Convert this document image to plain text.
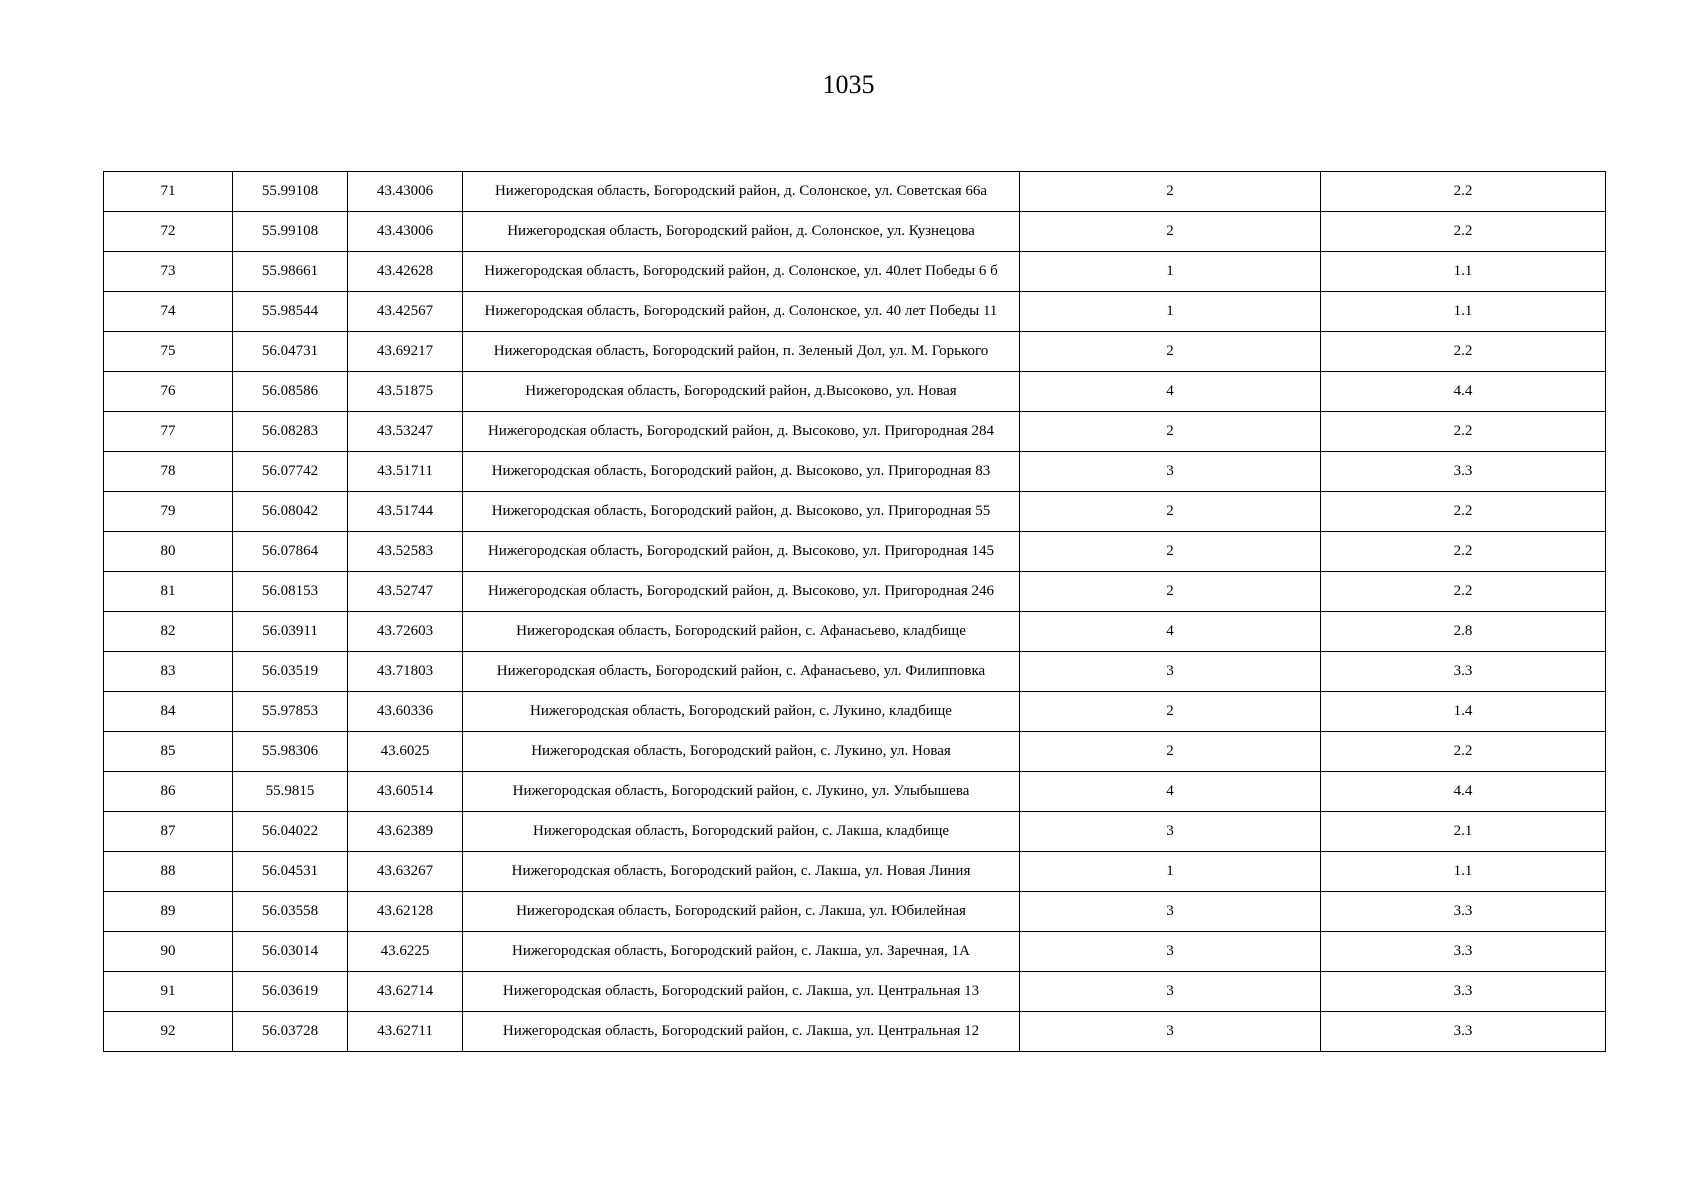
1035
71	55.99108	43.43006	Нижегородская область, Богородский район, д. Солонское, ул. Советская 66а	2	2.2
72	55.99108	43.43006	Нижегородская область, Богородский район, д. Солонское, ул. Кузнецова	2	2.2
73	55.98661	43.42628	Нижегородская область, Богородский район, д. Солонское, ул. 40лет Победы 6 б	1	1.1
74	55.98544	43.42567	Нижегородская область, Богородский район, д. Солонское, ул. 40 лет Победы 11	1	1.1
75	56.04731	43.69217	Нижегородская область, Богородский район, п. Зеленый Дол, ул. М. Горького	2	2.2
76	56.08586	43.51875	Нижегородская область, Богородский район, д.Высоково, ул. Новая	4	4.4
77	56.08283	43.53247	Нижегородская область, Богородский район, д. Высоково, ул. Пригородная 284	2	2.2
78	56.07742	43.51711	Нижегородская область, Богородский район, д. Высоково, ул. Пригородная 83	3	3.3
79	56.08042	43.51744	Нижегородская область, Богородский район, д. Высоково, ул. Пригородная 55	2	2.2
80	56.07864	43.52583	Нижегородская область, Богородский район, д. Высоково, ул. Пригородная 145	2	2.2
81	56.08153	43.52747	Нижегородская область, Богородский район, д. Высоково, ул. Пригородная 246	2	2.2
82	56.03911	43.72603	Нижегородская область, Богородский район, с. Афанасьево, кладбище	4	2.8
83	56.03519	43.71803	Нижегородская область, Богородский район, с. Афанасьево, ул. Филипповка	3	3.3
84	55.97853	43.60336	Нижегородская область, Богородский район, с. Лукино, кладбище	2	1.4
85	55.98306	43.6025	Нижегородская область, Богородский район, с. Лукино, ул. Новая	2	2.2
86	55.9815	43.60514	Нижегородская область, Богородский район, с. Лукино, ул. Улыбышева	4	4.4
87	56.04022	43.62389	Нижегородская область, Богородский район, с. Лакша, кладбище	3	2.1
88	56.04531	43.63267	Нижегородская область, Богородский район, с. Лакша, ул. Новая Линия	1	1.1
89	56.03558	43.62128	Нижегородская область, Богородский район, с. Лакша, ул. Юбилейная	3	3.3
90	56.03014	43.6225	Нижегородская область, Богородский район, с. Лакша, ул. Заречная, 1А	3	3.3
91	56.03619	43.62714	Нижегородская область, Богородский район, с. Лакша, ул. Центральная 13	3	3.3
92	56.03728	43.62711	Нижегородская область, Богородский район, с. Лакша, ул. Центральная 12	3	3.3
